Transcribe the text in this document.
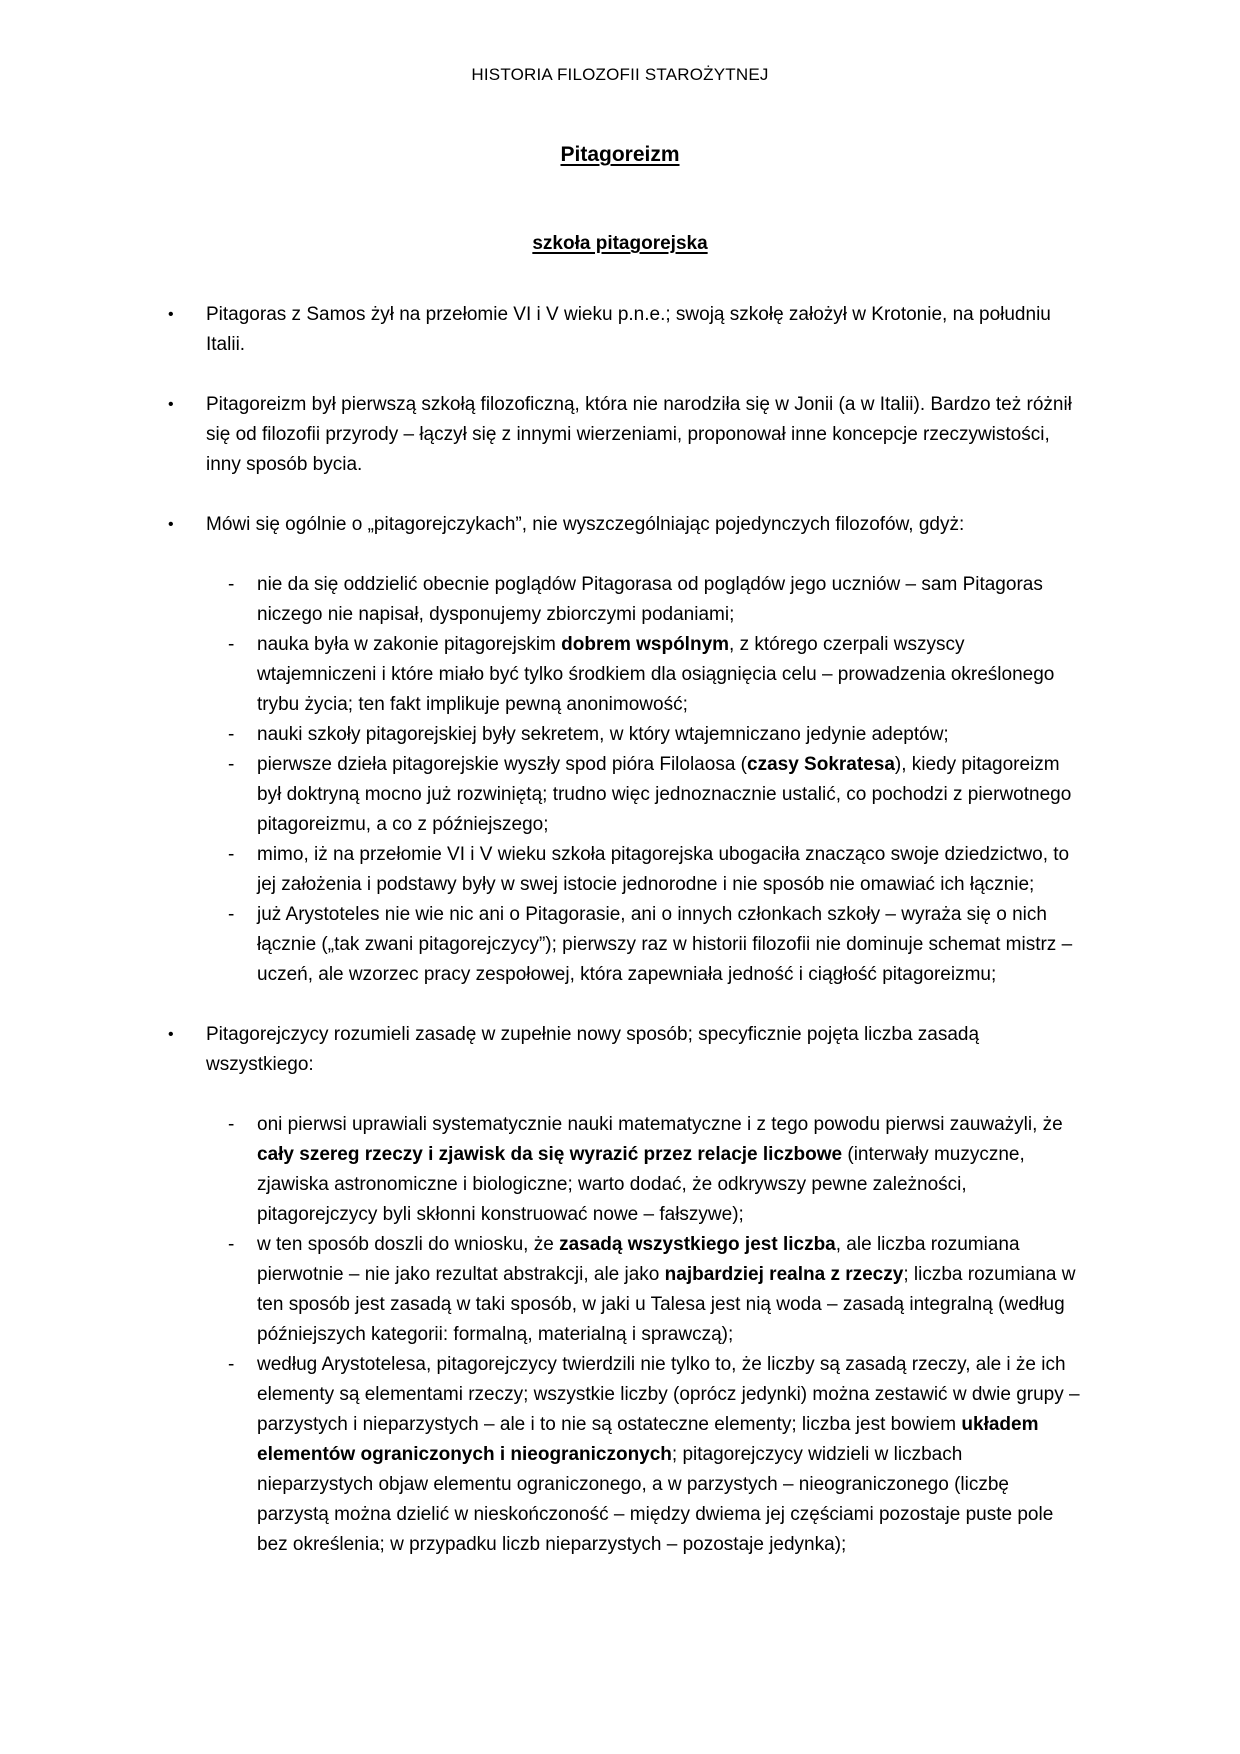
HISTORIA FILOZOFII STAROŻYTNEJ
Pitagoreizm
szkoła pitagorejska
•	Pitagoras z Samos żył na przełomie VI i V wieku p.n.e.; swoją szkołę założył w Krotonie, na południu Italii.
•	Pitagoreizm był pierwszą szkołą filozoficzną, która nie narodziła się w Jonii (a w Italii). Bardzo też różnił się od filozofii przyrody – łączył się z innymi wierzeniami, proponował inne koncepcje rzeczywistości, inny sposób bycia.
•	Mówi się ogólnie o „pitagorejczykach”, nie wyszczególniając pojedynczych filozofów, gdyż:
-	nie da się oddzielić obecnie poglądów Pitagorasa od poglądów jego uczniów – sam Pitagoras niczego nie napisał, dysponujemy zbiorczymi podaniami;
-	nauka była w zakonie pitagorejskim dobrem wspólnym, z którego czerpali wszyscy wtajemniczeni i które miało być tylko środkiem dla osiągnięcia celu – prowadzenia określonego trybu życia; ten fakt implikuje pewną anonimowość;
-	nauki szkoły pitagorejskiej były sekretem, w który wtajemniczano jedynie adeptów;
-	pierwsze dzieła pitagorejskie wyszły spod pióra Filolaosa (czasy Sokratesa), kiedy pitagoreizm był doktryną mocno już rozwiniętą; trudno więc jednoznacznie ustalić, co pochodzi z pierwotnego pitagoreizmu, a co z późniejszego;
-	mimo, iż na przełomie VI i V wieku szkoła pitagorejska ubogaciła znacząco swoje dziedzictwo, to jej założenia i podstawy były w swej istocie jednorodne i nie sposób nie omawiać ich łącznie;
-	już Arystoteles nie wie nic ani o Pitagorasie, ani o innych członkach szkoły – wyraża się o nich łącznie („tak zwani pitagorejczycy”); pierwszy raz w historii filozofii nie dominuje schemat mistrz – uczeń, ale wzorzec pracy zespołowej, która zapewniała jedność i ciągłość pitagoreizmu;
•	Pitagorejczycy rozumieli zasadę w zupełnie nowy sposób; specyficznie pojęta liczba zasadą wszystkiego:
-	oni pierwsi uprawiali systematycznie nauki matematyczne i z tego powodu pierwsi zauważyli, że cały szereg rzeczy i zjawisk da się wyrazić przez relacje liczbowe (interwały muzyczne, zjawiska astronomiczne i biologiczne; warto dodać, że odkrywszy pewne zależności, pitagorejczycy byli skłonni konstruować nowe – fałszywe);
-	w ten sposób doszli do wniosku, że zasadą wszystkiego jest liczba, ale liczba rozumiana pierwotnie – nie jako rezultat abstrakcji, ale jako najbardziej realna z rzeczy; liczba rozumiana w ten sposób jest zasadą w taki sposób, w jaki u Talesa jest nią woda – zasadą integralną (według późniejszych kategorii: formalną, materialną i sprawczą);
-	według Arystotelesa, pitagorejczycy twierdzili nie tylko to, że liczby są zasadą rzeczy, ale i że ich elementy są elementami rzeczy; wszystkie liczby (oprócz jedynki) można zestawić w dwie grupy – parzystych i nieparzystych – ale i to nie są ostateczne elementy; liczba jest bowiem układem elementów ograniczonych i nieograniczonych; pitagorejczycy widzieli w liczbach nieparzystych objaw elementu ograniczonego, a w parzystych – nieograniczonego (liczbę parzystą można dzielić w nieskończoność – między dwiema jej częściami pozostaje puste pole bez określenia; w przypadku liczb nieparzystych – pozostaje jedynka);
